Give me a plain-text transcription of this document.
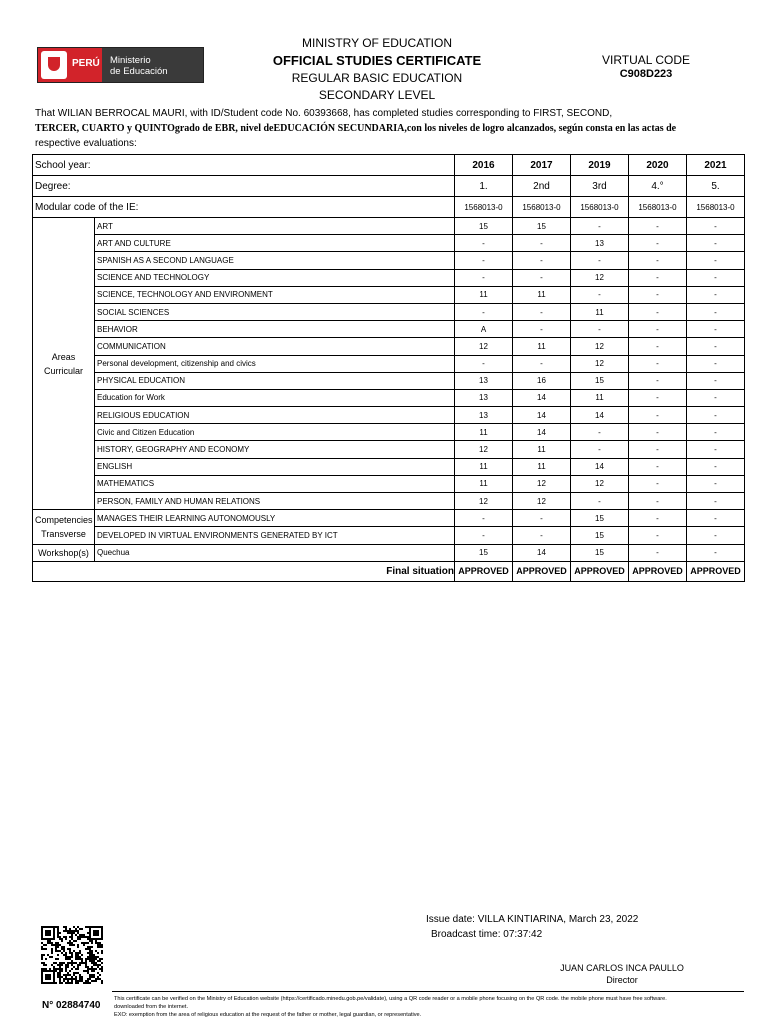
PERÚ Ministerio
de Educación
MINISTRY OF EDUCATION
OFFICIAL STUDIES CERTIFICATE
REGULAR BASIC EDUCATION
SECONDARY LEVEL
VIRTUAL CODE
C908D223
That WILIAN BERROCAL MAURI, with ID/Student code No. 60393668, has completed studies corresponding to FIRST, SECOND,
TERCER, CUARTO y QUINTOgrado de EBR, nivel deEDUCACIÓN SECUNDARIA,con los niveles de logro alcanzados, según consta en las actas de
respective evaluations:
School year:		2016	2017	2019	2020	2021
Degree:		1.	2nd	3rd	4.°	5.
Modular code of the IE:		1568013-0	1568013-0	1568013-0	1568013-0	1568013-0
Areas Curricular	ART	15	15	-	-	-
	ART AND CULTURE	-	-	13	-	-
	SPANISH AS A SECOND LANGUAGE	-	-	-	-	-
	SCIENCE AND TECHNOLOGY	-	-	12	-	-
	SCIENCE, TECHNOLOGY AND ENVIRONMENT	11	11	-	-	-
	SOCIAL SCIENCES	-	-	11	-	-
	BEHAVIOR	A	-	-	-	-
	COMMUNICATION	12	11	12	-	-
	Personal development, citizenship and civics	-	-	12	-	-
	PHYSICAL EDUCATION	13	16	15	-	-
	Education for Work	13	14	11	-	-
	RELIGIOUS EDUCATION	13	14	14	-	-
	Civic and Citizen Education	11	14	-	-	-
	HISTORY, GEOGRAPHY AND ECONOMY	12	11	-	-	-
	ENGLISH	11	11	14	-	-
	MATHEMATICS	11	12	12	-	-
	PERSON, FAMILY AND HUMAN RELATIONS	12	12	-	-	-
Competencies Transverse	MANAGES THEIR LEARNING AUTONOMOUSLY	-	-	15	-	-
	DEVELOPED IN VIRTUAL ENVIRONMENTS GENERATED BY ICT	-	-	15	-	-
Workshop(s)	Quechua	15	14	15	-	-
Final situation		APPROVED	APPROVED	APPROVED	APPROVED	APPROVED
N° 02884740
Issue date: VILLA KINTIARINA, March 23, 2022
Broadcast time: 07:37:42
JUAN CARLOS INCA PAULLO
Director
This certificate can be verified on the Ministry of Education website (https://certificado.minedu.gob.pe/validate), using a QR code reader or a mobile phone focusing on the QR code. the mobile phone must have free software.
downloaded from the internet.
EXO: exemption from the area of religious education at the request of the father or mother, legal guardian, or representative.
